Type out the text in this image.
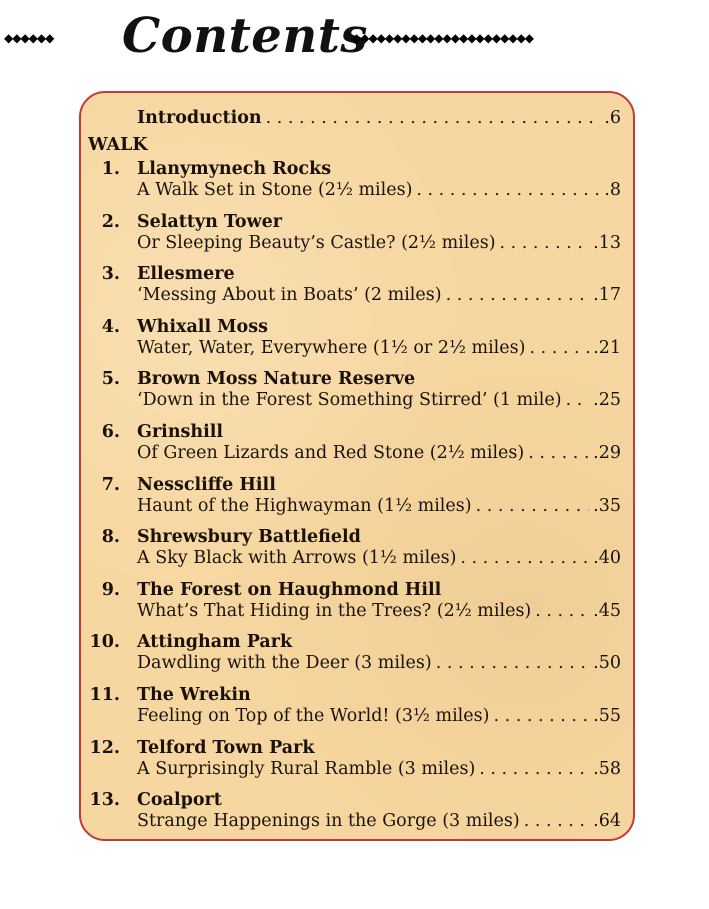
◆◆◆◆◆◆	Contents
◆◆◆◆◆◆◆◆◆◆◆◆◆◆◆◆◆◆◆◆◆◆
Introduction . . .	.6
WALK
1. Llanymynech Rocks
A Walk Set in Stone (2½ miles) . . .	.8
2. Selattyn Tower
Or Sleeping Beauty’s Castle? (2½ miles) . . .	.13
3. Ellesmere
‘Messing About in Boats’ (2 miles) . . .	.17
4. Whixall Moss
Water, Water, Everywhere (1½ or 2½ miles) . . .	.21
5. Brown Moss Nature Reserve
‘Down in the Forest Something Stirred’ (1 mile) . . . .25
6. Grinshill
Of Green Lizards and Red Stone (2½ miles) . . .	.29
7. Nesscliffe Hill
Haunt of the Highwayman (1½ miles) . . .	.35
8. Shrewsbury Battlefield
A Sky Black with Arrows (1½ miles) . . .	.40
9. The Forest on Haughmond Hill
What’s That Hiding in the Trees? (2½ miles) . . .	.45
10. Attingham Park
Dawdling with the Deer (3 miles) . . .	.50
11. The Wrekin
Feeling on Top of the World! (3½ miles) . . .	.55
12. Telford Town Park
A Surprisingly Rural Ramble (3 miles) . . .	.58
13. Coalport
Strange Happenings in the Gorge (3 miles) . . .	.64
